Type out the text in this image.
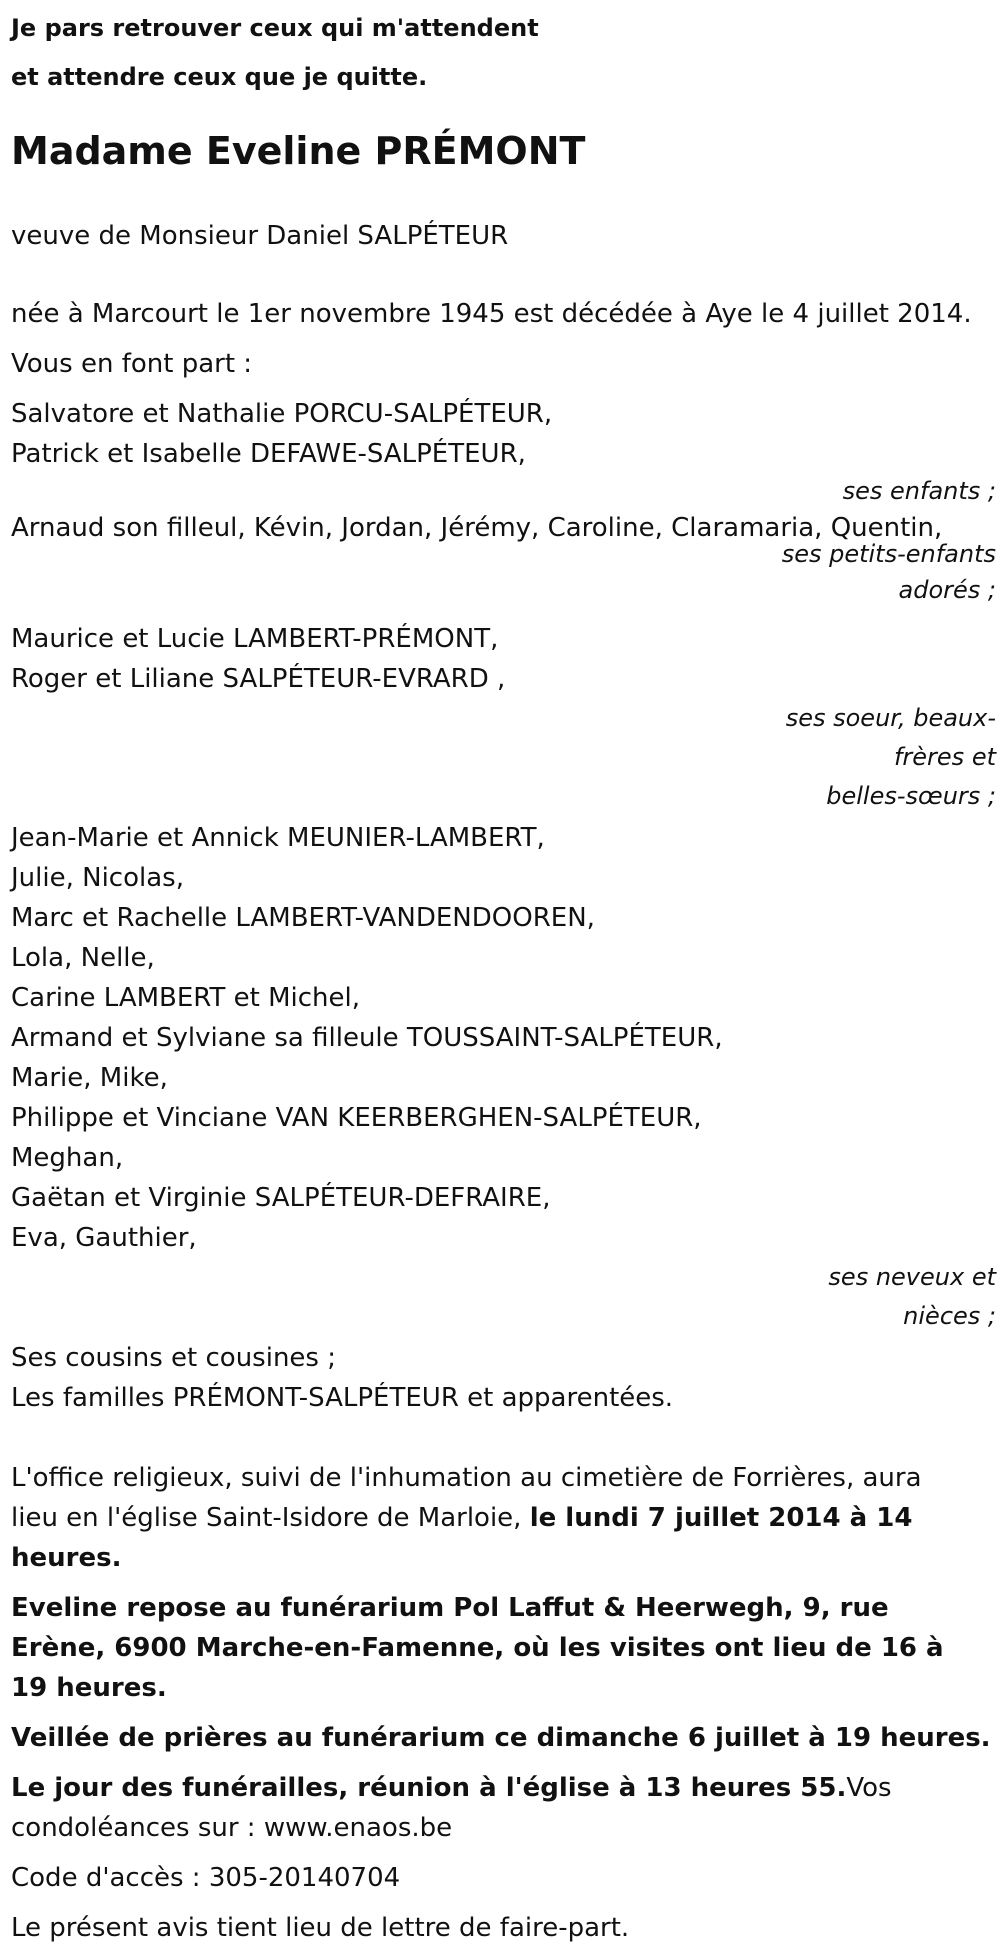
Je pars retrouver ceux qui m'attendent

et attendre ceux que je quitte.

Madame Eveline PRÉMONT

veuve de Monsieur Daniel SALPÉTEUR

née à Marcourt le 1er novembre 1945 est décédée à Aye le 4 juillet 2014.

Vous en font part :

Salvatore et Nathalie PORCU-SALPÉTEUR,
Patrick et Isabelle DEFAWE-SALPÉTEUR,

ses enfants ;

Arnaud son filleul, Kévin, Jordan, Jérémy, Caroline, Claramaria, Quentin,

ses petits-enfants

adorés ;

Maurice et Lucie LAMBERT-PRÉMONT,
Roger et Liliane SALPÉTEUR-EVRARD ,

ses soeur, beaux-

frères et

belles-sœurs ;

Jean-Marie et Annick MEUNIER-LAMBERT,
Julie, Nicolas,
Marc et Rachelle LAMBERT-VANDENDOOREN,
Lola, Nelle,
Carine LAMBERT et Michel,
Armand et Sylviane sa filleule TOUSSAINT-SALPÉTEUR,
Marie, Mike,
Philippe et Vinciane VAN KEERBERGHEN-SALPÉTEUR,
Meghan,
Gaëtan et Virginie SALPÉTEUR-DEFRAIRE,
Eva, Gauthier,

ses neveux et

nièces ;

Ses cousins et cousines ;

Les familles PRÉMONT-SALPÉTEUR et apparentées.

L'office religieux, suivi de l'inhumation au cimetière de Forrières, aura lieu en l'église Saint-Isidore de Marloie, le lundi 7 juillet 2014 à 14 heures.

Eveline repose au funérarium Pol Laffut & Heerwegh, 9, rue Erène, 6900 Marche-en-Famenne, où les visites ont lieu de 16 à 19 heures.

Veillée de prières au funérarium ce dimanche 6 juillet à 19 heures.

Le jour des funérailles, réunion à l'église à 13 heures 55.Vos condoléances sur : www.enaos.be

Code d'accès : 305-20140704

Le présent avis tient lieu de lettre de faire-part.
